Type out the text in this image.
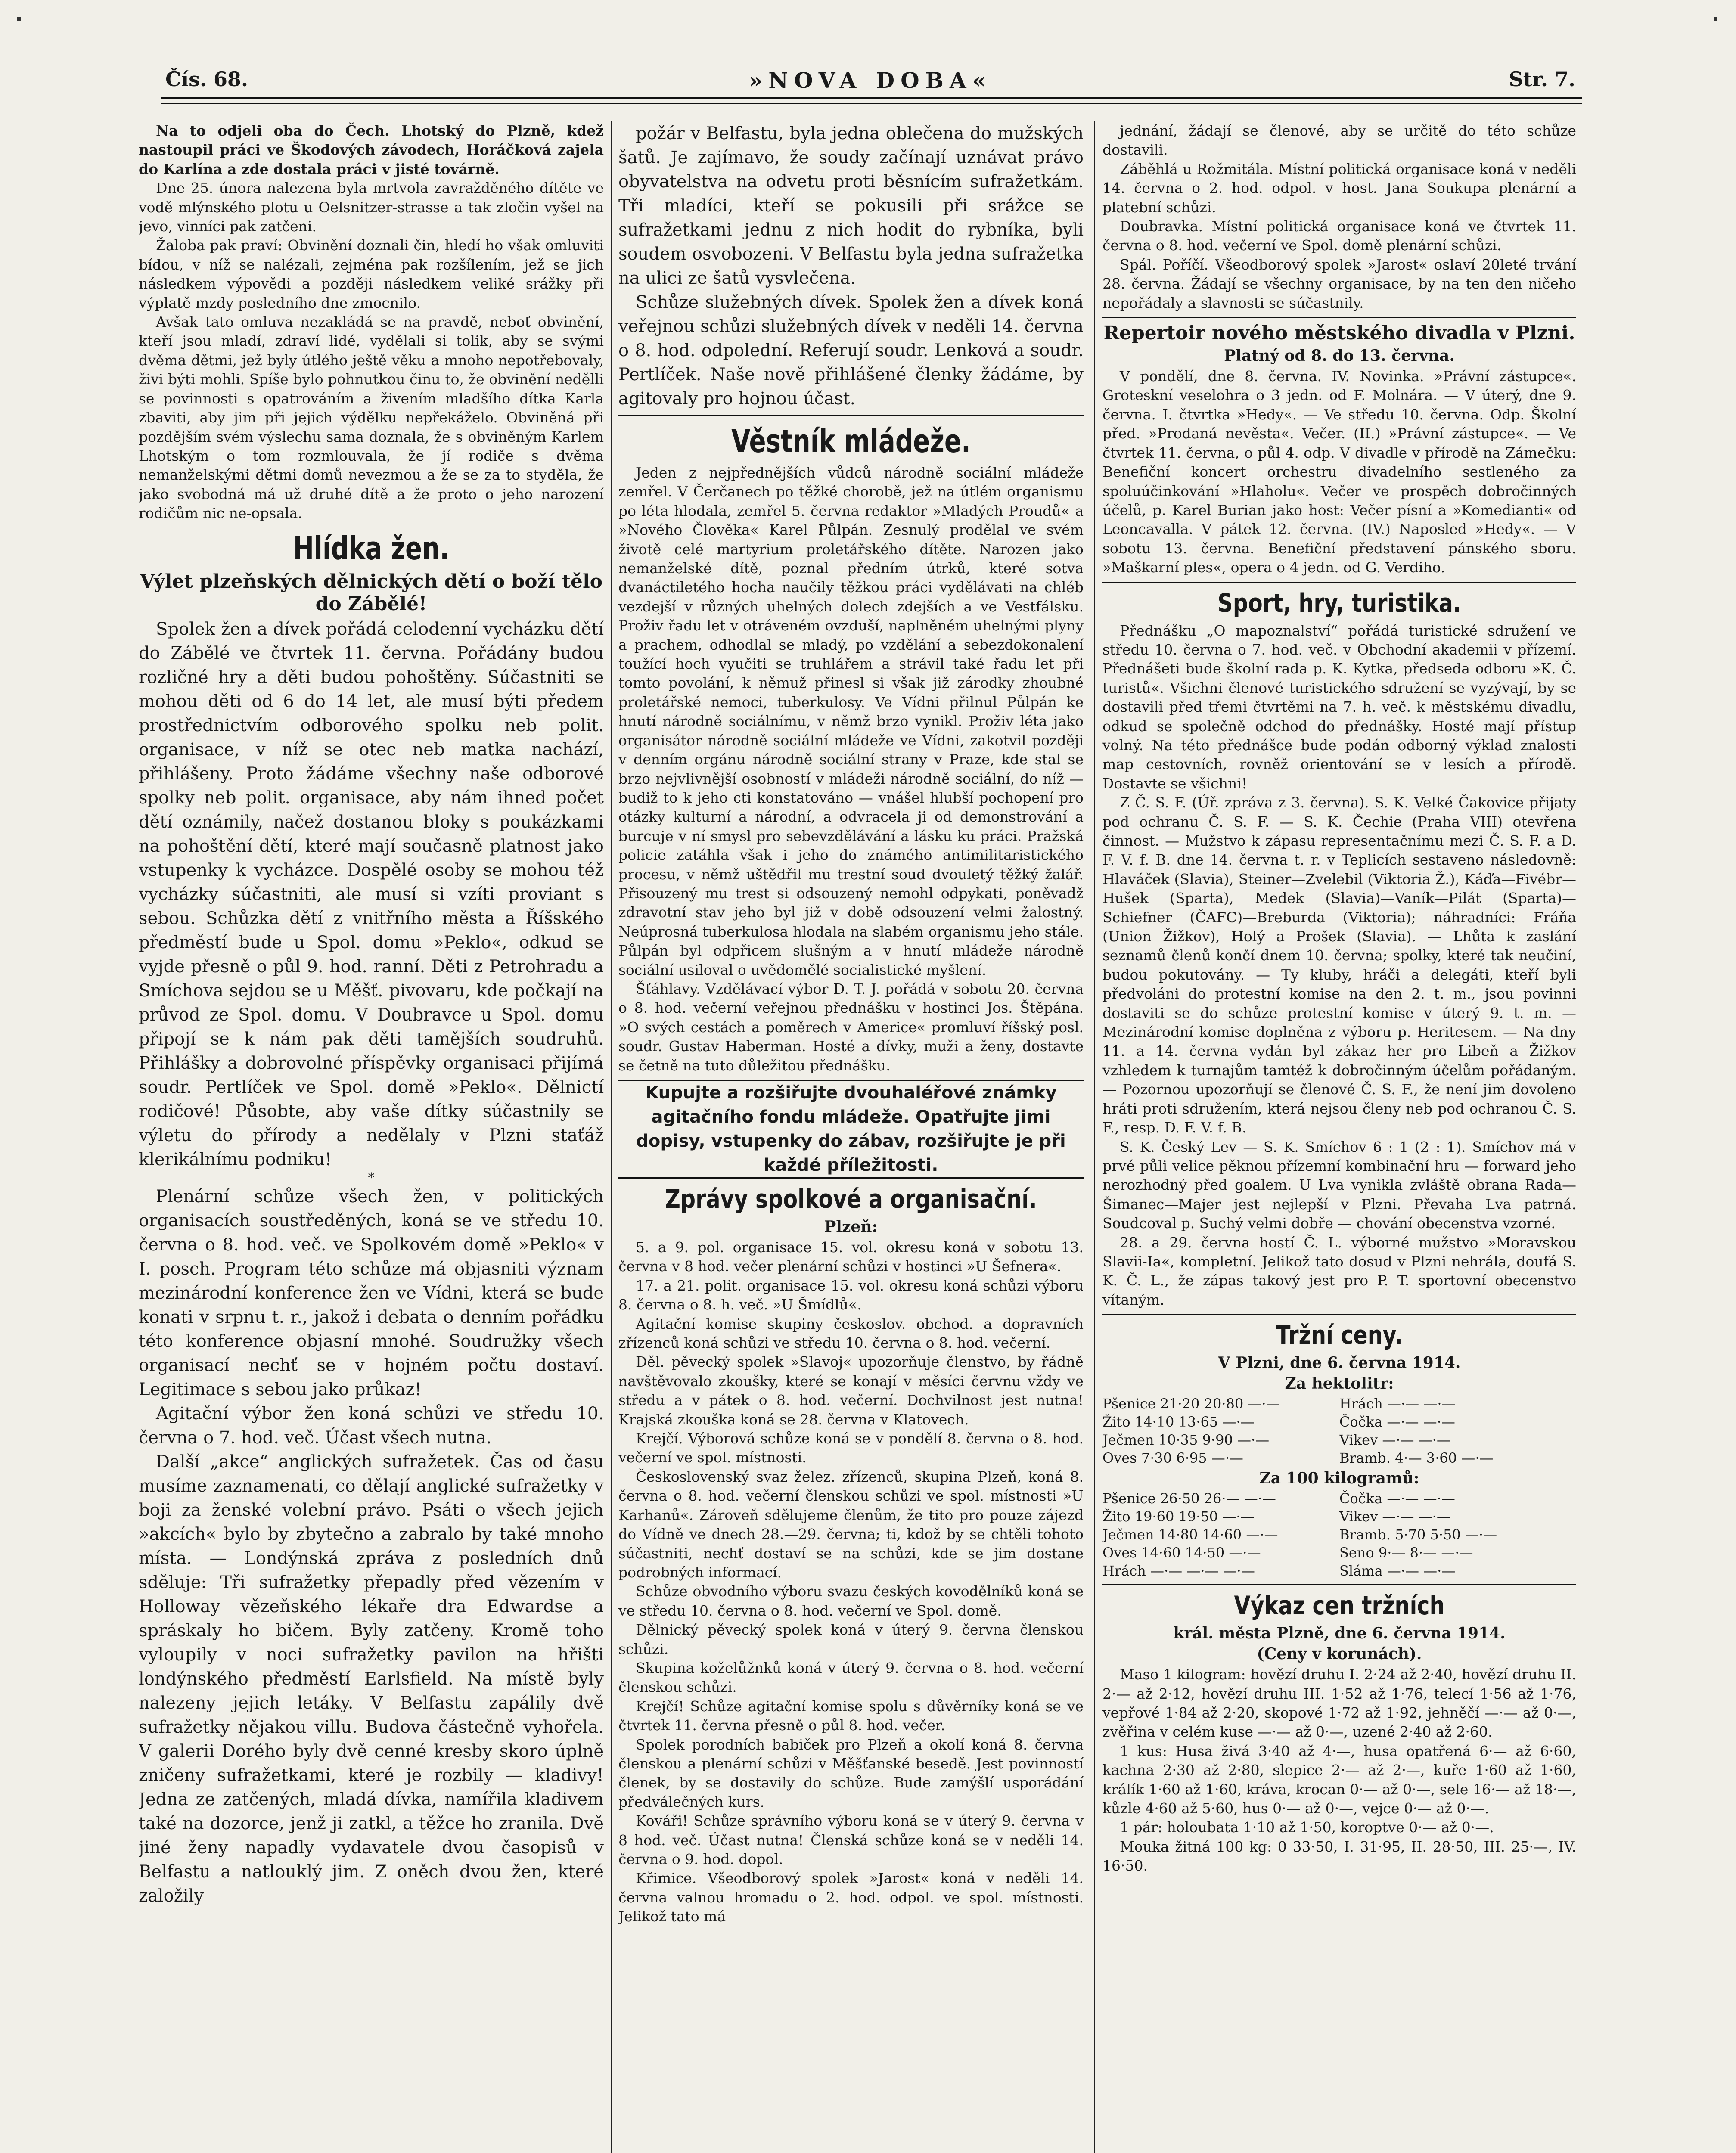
Čís. 68.	»NOVA DOBA«	Str. 7.

Na to odjeli oba do Čech. Lhotský do Plzně, kdež nastoupil práci ve Škodových závodech, Horáčková zajela do Karlína a zde dostala práci v jisté továrně.

Dne 25. února nalezena byla mrtvola zavražděného dítěte ve vodě mlýnského plotu u Oelsnitzer-strasse a tak zločin vyšel na jevo, vinníci pak zatčeni.

Žaloba pak praví: Obvinění doznali čin, hledí ho však omluviti bídou, v níž se nalézali, zejména pak rozšílením, jež se jich následkem výpovědi a později následkem veliké srážky při výplatě mzdy posledního dne zmocnilo.

Avšak tato omluva nezakládá se na pravdě, neboť obvinění, kteří jsou mladí, zdraví lidé, vydělali si tolik, aby se svými dvěma dětmi, jež byly útlého ještě věku a mnoho nepotřebovaly, živi býti mohli. Spíše bylo pohnutkou činu to, že obvinění nedělli se povinnosti s opatrováním a živením mladšího dítka Karla zbaviti, aby jim při jejich výdělku nepřekáželo. Obviněná při pozdějším svém výslechu sama doznala, že s obviněným Karlem Lhotským o tom rozmlouvala, že jí rodiče s dvěma nemanželskými dětmi domů nevezmou a že se za to styděla, že jako svobodná má už druhé dítě a že proto o jeho narození rodičům nic ne-opsala.

Hlídka žen.
Výlet plzeňských dělnických dětí o boží tělo do Zábělé!

Spolek žen a dívek pořádá celodenní vycházku dětí do Zábělé ve čtvrtek 11. června. Pořádány budou rozličné hry a děti budou pohoštěny. Súčastniti se mohou děti od 6 do 14 let, ale musí býti předem prostřednictvím odborového spolku neb polit. organisace, v níž se otec neb matka nachází, přihlášeny. Proto žádáme všechny naše odborové spolky neb polit. organisace, aby nám ihned počet dětí oznámily, načež dostanou bloky s poukázkami na pohoštění dětí, které mají současně platnost jako vstupenky k vycházce. Dospělé osoby se mohou též vycházky súčastniti, ale musí si vzíti proviant s sebou. Schůzka dětí z vnitřního města a Říšského předměstí bude u Spol. domu »Peklo«, odkud se vyjde přesně o půl 9. hod. ranní. Děti z Petrohradu a Smíchova sejdou se u Měšť. pivovaru, kde počkají na průvod ze Spol. domu. V Doubravce u Spol. domu připojí se k nám pak děti tamějších soudruhů. Přihlášky a dobrovolné příspěvky organisaci přijímá soudr. Pertlíček ve Spol. domě »Peklo«. Dělnictí rodičové! Působte, aby vaše dítky súčastnily se výletu do přírody a nedělaly v Plzni staťáž klerikálnímu podniku!

*

Plenární schůze všech žen, v politických organisacích soustředěných, koná se ve středu 10. června o 8. hod. več. ve Spolkovém domě »Peklo« v I. posch. Program této schůze má objasniti význam mezinárodní konference žen ve Vídni, která se bude konati v srpnu t. r., jakož i debata o denním pořádku této konference objasní mnohé. Soudružky všech organisací nechť se v hojném počtu dostaví. Legitimace s sebou jako průkaz!

Agitační výbor žen koná schůzi ve středu 10. června o 7. hod. več. Účast všech nutna.

Další „akce“ anglických sufražetek. Čas od času musíme zaznamenati, co dělají anglické sufražetky v boji za ženské volební právo. Psáti o všech jejich »akcích« bylo by zbytečno a zabralo by také mnoho místa. — Londýnská zpráva z posledních dnů sděluje: Tři sufražetky přepadly před vězením v Holloway vězeňského lékaře dra Edwardse a spráskaly ho bičem. Byly zatčeny. Kromě toho vyloupily v noci sufražetky pavilon na hřišti londýnského předměstí Earlsfield. Na místě byly nalezeny jejich letáky. V Belfastu zapálily dvě sufražetky nějakou villu. Budova částečně vyhořela. V galerii Dorého byly dvě cenné kresby skoro úplně zničeny sufražetkami, které je rozbily — kladivy! Jedna ze zatčených, mladá dívka, namířila kladivem také na dozorce, jenž ji zatkl, a těžce ho zranila. Dvě jiné ženy napadly vydavatele dvou časopisů v Belfastu a natlouklý jim. Z oněch dvou žen, které založily

požár v Belfastu, byla jedna oblečena do mužských šatů. Je zajímavo, že soudy začínají uznávat právo obyvatelstva na odvetu proti běsnícím sufražetkám. Tři mladíci, kteří se pokusili při srážce se sufražetkami jednu z nich hodit do rybníka, byli soudem osvobozeni. V Belfastu byla jedna sufražetka na ulici ze šatů vysvlečena.

Schůze služebných dívek. Spolek žen a dívek koná veřejnou schůzi služebných dívek v neděli 14. června o 8. hod. odpolední. Referují soudr. Lenková a soudr. Pertlíček. Naše nově přihlášené členky žádáme, by agitovaly pro hojnou účast.

Věstník mládeže.

Jeden z nejpřednějších vůdců národně sociální mládeže zemřel. V Čerčanech po těžké chorobě, jež na útlém organismu po léta hlodala, zemřel 5. června redaktor »Mladých Proudů« a »Nového Člověka« Karel Půlpán. Zesnulý prodělal ve svém životě celé martyrium proletářského dítěte. Narozen jako nemanželské dítě, poznal předním útrků, které sotva dvanáctiletého hocha naučily těžkou práci vydělávati na chléb vezdejší v různých uhelných dolech zdejších a ve Vestfálsku. Proživ řadu let v otráveném ovzduší, naplněném uhelnými plyny a prachem, odhodlal se mladý, po vzdělání a sebezdokonalení toužící hoch vyučiti se truhlářem a strávil také řadu let při tomto povolání, k němuž přinesl si však již zárodky zhoubné proletářské nemoci, tuberkulosy. Ve Vídni přilnul Půlpán ke hnutí národně sociálnímu, v němž brzo vynikl. Proživ léta jako organisátor národně sociální mládeže ve Vídni, zakotvil později v denním orgánu národně sociální strany v Praze, kde stal se brzo nejvlivnější osobností v mládeži národně sociální, do níž — budiž to k jeho cti konstatováno — vnášel hlubší pochopení pro otázky kulturní a národní, a odvracela ji od demonstrování a burcuje v ní smysl pro sebevzdělávání a lásku ku práci. Pražská policie zatáhla však i jeho do známého antimilitaristického procesu, v němž uštědřil mu trestní soud dvouletý těžký žalář. Přisouzený mu trest si odsouzený nemohl odpykati, poněvadž zdravotní stav jeho byl již v době odsouzení velmi žalostný. Neúprosná tuberkulosa hlodala na slabém organismu jeho stále. Půlpán byl odpřicem slušným a v hnutí mládeže národně sociální usiloval o uvědomělé socialistické myšlení.

Šťáhlavy. Vzdělávací výbor D. T. J. pořádá v sobotu 20. června o 8. hod. večerní veřejnou přednášku v hostinci Jos. Štěpána. »O svých cestách a poměrech v Americe« promluví říšský posl. soudr. Gustav Haberman. Hosté a dívky, muži a ženy, dostavte se četně na tuto důležitou přednášku.

Kupujte a rozšiřujte dvouhaléřové známky agitačního fondu mládeže. Opatřujte jimi dopisy, vstupenky do zábav, rozšiřujte je při každé příležitosti.
Zprávy spolkové a organisační.
Plzeň:

5. a 9. pol. organisace 15. vol. okresu koná v sobotu 13. června v 8 hod. večer plenární schůzi v hostinci »U Šefnera«.

17. a 21. polit. organisace 15. vol. okresu koná schůzi výboru 8. června o 8. h. več. »U Šmídlů«.

Agitační komise skupiny českoslov. obchod. a dopravních zřízenců koná schůzi ve středu 10. června o 8. hod. večerní.

Děl. pěvecký spolek »Slavoj« upozorňuje členstvo, by řádně navštěvovalo zkoušky, které se konají v měsíci červnu vždy ve středu a v pátek o 8. hod. večerní. Dochvilnost jest nutna! Krajská zkouška koná se 28. června v Klatovech.

Krejčí. Výborová schůze koná se v pondělí 8. června o 8. hod. večerní ve spol. místnosti.

Československý svaz želez. zřízenců, skupina Plzeň, koná 8. června o 8. hod. večerní členskou schůzi ve spol. místnosti »U Karhanů«. Zároveň sdělujeme členům, že tito pro pouze zájezd do Vídně ve dnech 28.—29. června; ti, kdož by se chtěli tohoto súčastniti, nechť dostaví se na schůzi, kde se jim dostane podrobných informací.

Schůze obvodního výboru svazu českých kovodělníků koná se ve středu 10. června o 8. hod. večerní ve Spol. domě.

Dělnický pěvecký spolek koná v úterý 9. června členskou schůzi.

Skupina koželůžnků koná v úterý 9. června o 8. hod. večerní členskou schůzi.

Krejčí! Schůze agitační komise spolu s důvěrníky koná se ve čtvrtek 11. června přesně o půl 8. hod. večer.

Spolek porodních babiček pro Plzeň a okolí koná 8. června členskou a plenární schůzi v Měšťanské besedě. Jest povinností členek, by se dostavily do schůze. Bude zamýšlí usporádání předválečných kurs.

Kováři! Schůze správního výboru koná se v úterý 9. června v 8 hod. več. Účast nutna! Členská schůze koná se v neděli 14. června o 9. hod. dopol.

Křimice. Všeodborový spolek »Jarost« koná v neděli 14. června valnou hromadu o 2. hod. odpol. ve spol. místnosti. Jelikož tato má

jednání, žádají se členové, aby se určitě do této schůze dostavili.

Záběhlá u Rožmitála. Místní politická organisace koná v neděli 14. června o 2. hod. odpol. v host. Jana Soukupa plenární a platební schůzi.

Doubravka. Místní politická organisace koná ve čtvrtek 11. června o 8. hod. večerní ve Spol. domě plenární schůzi.

Spál. Poříčí. Všeodborový spolek »Jarost« oslaví 20leté trvání 28. června. Žádají se všechny organisace, by na ten den ničeho nepořádaly a slavnosti se súčastnily.

Repertoir nového městského divadla v Plzni.
Platný od 8. do 13. června.

V pondělí, dne 8. června. IV. Novinka. »Právní zástupce«. Groteskní veselohra o 3 jedn. od F. Molnára. — V úterý, dne 9. června. I. čtvrtka »Hedy«. — Ve středu 10. června. Odp. Školní před. »Prodaná nevěsta«. Večer. (II.) »Právní zástupce«. — Ve čtvrtek 11. června, o půl 4. odp. V divadle v přírodě na Zámečku: Benefiční koncert orchestru divadelního sestleného za spoluúčinkování »Hlaholu«. Večer ve prospěch dobročinných účelů, p. Karel Burian jako host: Večer písní a »Komedianti« od Leoncavalla. V pátek 12. června. (IV.) Naposled »Hedy«. — V sobotu 13. června. Benefiční představení pánského sboru. »Maškarní ples«, opera o 4 jedn. od G. Verdiho.

Sport, hry, turistika.

Přednášku „O mapoznalství“ pořádá turistické sdružení ve středu 10. června o 7. hod. več. v Obchodní akademii v přízemí. Přednášeti bude školní rada p. K. Kytka, předseda odboru »K. Č. turistů«. Všichni členové turistického sdružení se vyzývají, by se dostavili před třemi čtvrtěmi na 7. h. več. k městskému divadlu, odkud se společně odchod do přednášky. Hosté mají přístup volný. Na této přednášce bude podán odborný výklad znalosti map cestovních, rovněž orientování se v lesích a přírodě. Dostavte se všichni!

Z Č. S. F. (Úř. zpráva z 3. června). S. K. Velké Čakovice přijaty pod ochranu Č. S. F. — S. K. Čechie (Praha VIII) otevřena činnost. — Mužstvo k zápasu representačnímu mezi Č. S. F. a D. F. V. f. B. dne 14. června t. r. v Teplicích sestaveno následovně: Hlaváček (Slavia), Steiner—Zvelebil (Viktoria Ž.), Káďa—Fivébr—Hušek (Sparta), Medek (Slavia)—Vaník—Pilát (Sparta)—Schiefner (ČAFC)—Breburda (Viktoria); náhradníci: Fráňa (Union Žižkov), Holý a Prošek (Slavia). — Lhůta k zaslání seznamů členů končí dnem 10. června; spolky, které tak neučiní, budou pokutovány. — Ty kluby, hráči a delegáti, kteří byli předvoláni do protestní komise na den 2. t. m., jsou povinni dostaviti se do schůze protestní komise v úterý 9. t. m. — Mezinárodní komise doplněna z výboru p. Heritesem. — Na dny 11. a 14. června vydán byl zákaz her pro Libeň a Žižkov vzhledem k turnajům tamtéž k dobročinným účelům pořádaným. — Pozornou upozorňují se členové Č. S. F., že není jim dovoleno hráti proti sdružením, která nejsou členy neb pod ochranou Č. S. F., resp. D. F. V. f. B.

S. K. Český Lev — S. K. Smíchov 6 : 1 (2 : 1). Smíchov má v prvé půli velice pěknou přízemní kombinační hru — forward jeho nerozhodný před goalem. U Lva vynikla zvláště obrana Rada—Šimanec—Majer jest nejlepší v Plzni. Převaha Lva patrná. Soudcoval p. Suchý velmi dobře — chování obecenstva vzorné.

28. a 29. června hostí Č. L. výborné mužstvo »Moravskou Slavii-Ia«, kompletní. Jelikož tato dosud v Plzni nehrála, doufá S. K. Č. L., že zápas takový jest pro P. T. sportovní obecenstvo vítaným.

Tržní ceny.
V Plzni, dne 6. června 1914.
Za hektolitr:
Pšenice 21·20 20·80 —·—
Žito 14·10 13·65 —·—
Ječmen 10·35 9·90 —·—
Oves 7·30 6·95 —·—
Hrách —·— —·—
Čočka —·— —·—
Vikev —·— —·—
Bramb. 4·— 3·60 —·—
Za 100 kilogramů:
Pšenice 26·50 26·— —·—
Žito 19·60 19·50 —·—
Ječmen 14·80 14·60 —·—
Oves 14·60 14·50 —·—
Hrách —·— —·— —·—
Čočka —·— —·—
Vikev —·— —·—
Bramb. 5·70 5·50 —·—
Seno 9·— 8·— —·—
Sláma —·— —·—
Výkaz cen tržních
král. města Plzně, dne 6. června 1914.
(Ceny v korunách).

Maso 1 kilogram: hovězí druhu I. 2·24 až 2·40, hovězí druhu II. 2·— až 2·12, hovězí druhu III. 1·52 až 1·76, telecí 1·56 až 1·76, vepřové 1·84 až 2·20, skopové 1·72 až 1·92, jehněčí —·— až 0·—, zvěřina v celém kuse —·— až 0·—, uzené 2·40 až 2·60.

1 kus: Husa živá 3·40 až 4·—, husa opatřená 6·— až 6·60, kachna 2·30 až 2·80, slepice 2·— až 2·—, kuře 1·60 až 1·60, králík 1·60 až 1·60, kráva, krocan 0·— až 0·—, sele 16·— až 18·—, kůzle 4·60 až 5·60, hus 0·— až 0·—, vejce 0·— až 0·—.

1 pár: holoubata 1·10 až 1·50, koroptve 0·— až 0·—.

Mouka žitná 100 kg: 0 33·50, I. 31·95, II. 28·50, III. 25·—, IV. 16·50.
